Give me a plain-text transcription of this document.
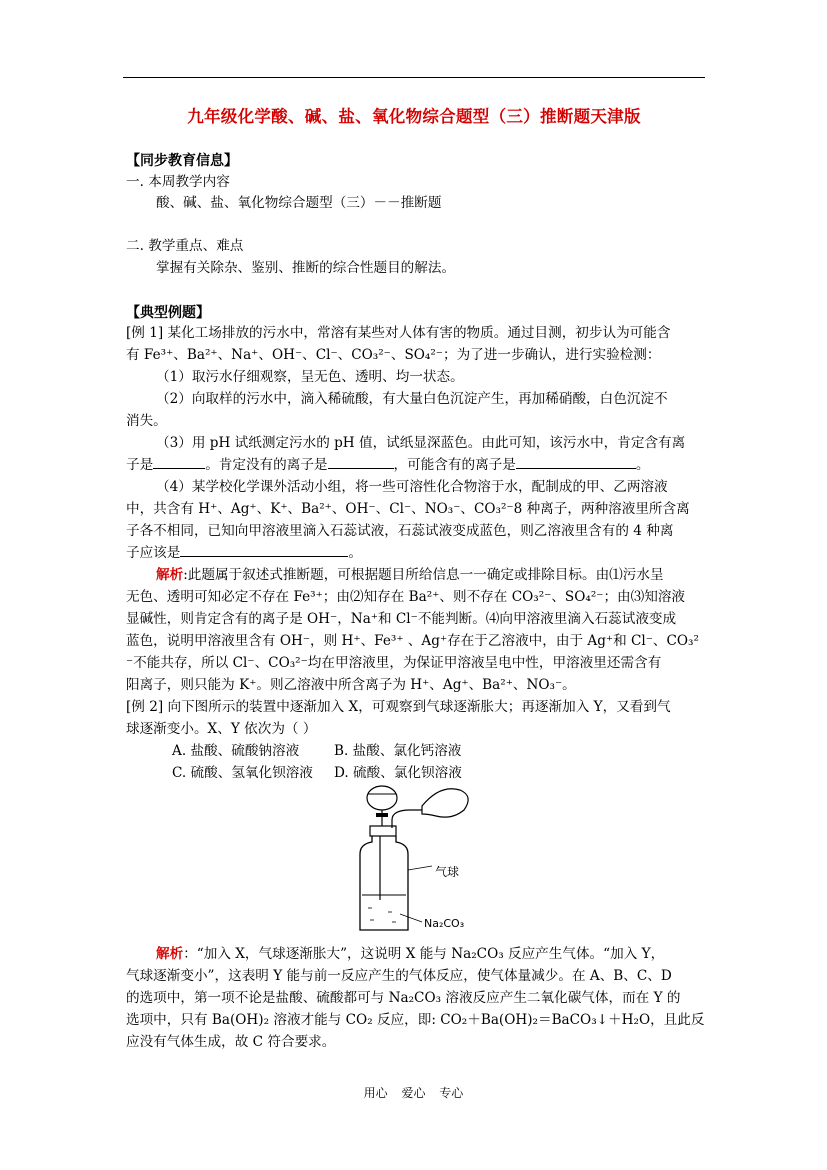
九年级化学酸、碱、盐、氧化物综合题型（三）推断题天津版
【同步教育信息】
一. 本周教学内容
酸、碱、盐、氧化物综合题型（三）－－推断题
二. 教学重点、难点
掌握有关除杂、鉴别、推断的综合性题目的解法。
【典型例题】
[例 1] 某化工场排放的污水中，常溶有某些对人体有害的物质。通过目测，初步认为可能含
有 Fe³⁺、Ba²⁺、Na⁺、OH⁻、Cl⁻、CO₃²⁻、SO₄²⁻；为了进一步确认，进行实验检测：
（1）取污水仔细观察，呈无色、透明、均一状态。
（2）向取样的污水中，滴入稀硫酸，有大量白色沉淀产生，再加稀硝酸，白色沉淀不
消失。
（3）用 pH 试纸测定污水的 pH 值，试纸显深蓝色。由此可知，该污水中，肯定含有离
子是	。肯定没有的离子是	，可能含有的离子是	。
（4）某学校化学课外活动小组，将一些可溶性化合物溶于水，配制成的甲、乙两溶液
中，共含有 H⁺、Ag⁺、K⁺、Ba²⁺、OH⁻、Cl⁻、NO₃⁻、CO₃²⁻8 种离子，两种溶液里所含离
子各不相同，已知向甲溶液里滴入石蕊试液，石蕊试液变成蓝色，则乙溶液里含有的 4 种离
子应该是	。
解析:此题属于叙述式推断题，可根据题目所给信息一一确定或排除目标。由⑴污水呈
无色、透明可知必定不存在 Fe³⁺；由⑵知存在 Ba²⁺、则不存在 CO₃²⁻、SO₄²⁻；由⑶知溶液
显碱性，则肯定含有的离子是 OH⁻，Na⁺和 Cl⁻不能判断。⑷向甲溶液里滴入石蕊试液变成
蓝色，说明甲溶液里含有 OH⁻，则 H⁺、Fe³⁺ 、Ag⁺存在于乙溶液中，由于 Ag⁺和 Cl⁻、CO₃²
⁻不能共存，所以 Cl⁻、CO₃²⁻均在甲溶液里，为保证甲溶液呈电中性，甲溶液里还需含有
阳离子，则只能为 K⁺。则乙溶液中所含离子为 H⁺、Ag⁺、Ba²⁺、NO₃⁻。
[例 2] 向下图所示的装置中逐渐加入 X，可观察到气球逐渐胀大；再逐渐加入 Y，又看到气
球逐渐变小。X、Y 依次为（ ）
A. 盐酸、硫酸钠溶液	B. 盐酸、氯化钙溶液
C. 硫酸、氢氧化钡溶液 D. 硫酸、氯化钡溶液
气球
Na₂CO₃
解析：“加入 X，气球逐渐胀大”，这说明 X 能与 Na₂CO₃ 反应产生气体。“加入 Y，
气球逐渐变小”，这表明 Y 能与前一反应产生的气体反应，使气体量减少。在 A、B、C、D
的选项中，第一项不论是盐酸、硫酸都可与 Na₂CO₃ 溶液反应产生二氧化碳气体，而在 Y 的
选项中，只有 Ba(OH)₂ 溶液才能与 CO₂ 反应，即: CO₂＋Ba(OH)₂＝BaCO₃↓＋H₂O，且此反
应没有气体生成，故 C 符合要求。
用心 爱心 专心
